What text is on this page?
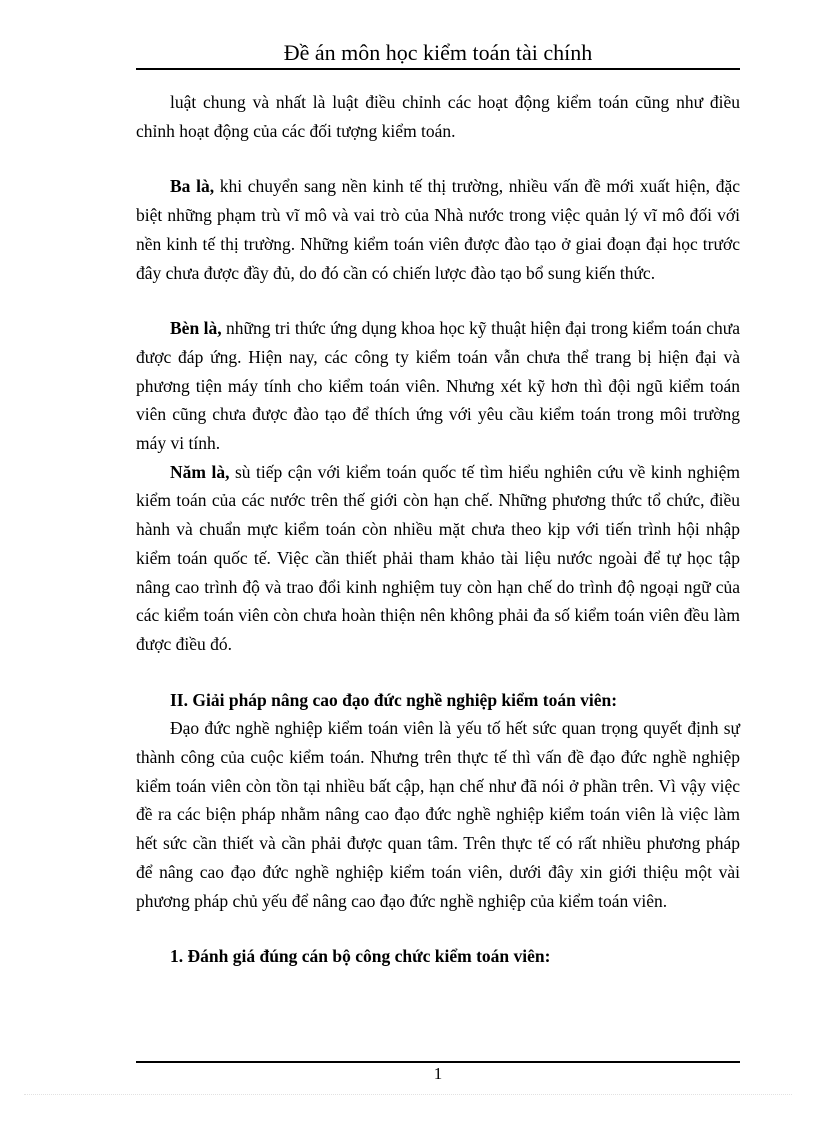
Đề án môn học kiểm toán tài chính

luật chung và nhất là luật điều chỉnh các hoạt động kiểm toán cũng như điều chỉnh hoạt động của các đối tượng kiểm toán.

Ba là, khi chuyển sang nền kinh tế thị trường, nhiều vấn đề mới xuất hiện, đặc biệt những phạm trù vĩ mô và vai trò của Nhà nước trong việc quản lý vĩ mô đối với nền kinh tế thị trường. Những kiểm toán viên được đào tạo ở giai đoạn đại học trước đây chưa được đầy đủ, do đó cần có chiến lược đào tạo bổ sung kiến thức.

Bèn là, những tri thức ứng dụng khoa học kỹ thuật hiện đại trong kiểm toán chưa được đáp ứng. Hiện nay, các công ty kiểm toán vẫn chưa thể trang bị hiện đại và phương tiện máy tính cho kiểm toán viên. Nhưng xét kỹ hơn thì đội ngũ kiểm toán viên cũng chưa được đào tạo để thích ứng với yêu cầu kiểm toán trong môi trường máy vi tính.

Năm là, sù tiếp cận với kiểm toán quốc tế tìm hiểu nghiên cứu về kinh nghiệm kiểm toán của các nước trên thế giới còn hạn chế. Những phương thức tổ chức, điều hành và chuẩn mực kiểm toán còn nhiều mặt chưa theo kịp với tiến trình hội nhập kiểm toán quốc tế. Việc cần thiết phải tham khảo tài liệu nước ngoài để tự học tập nâng cao trình độ và trao đổi kinh nghiệm tuy còn hạn chế do trình độ ngoại ngữ của các kiểm toán viên còn chưa hoàn thiện nên không phải đa số kiểm toán viên đều làm được điều đó.

II. Giải pháp nâng cao đạo đức nghề nghiệp kiểm toán viên:

Đạo đức nghề nghiệp kiểm toán viên là yếu tố hết sức quan trọng quyết định sự thành công của cuộc kiểm toán. Nhưng trên thực tế thì vấn đề đạo đức nghề nghiệp kiểm toán viên còn tồn tại nhiều bất cập, hạn chế như đã nói ở phần trên. Vì vậy việc đề ra các biện pháp nhằm nâng cao đạo đức nghề nghiệp kiểm toán viên là việc làm hết sức cần thiết và cần phải được quan tâm. Trên thực tế có rất nhiều phương pháp để nâng cao đạo đức nghề nghiệp kiểm toán viên, dưới đây xin giới thiệu một vài phương pháp chủ yếu để nâng cao đạo đức nghề nghiệp của kiểm toán viên.

1. Đánh giá đúng cán bộ công chức kiểm toán viên:

1
